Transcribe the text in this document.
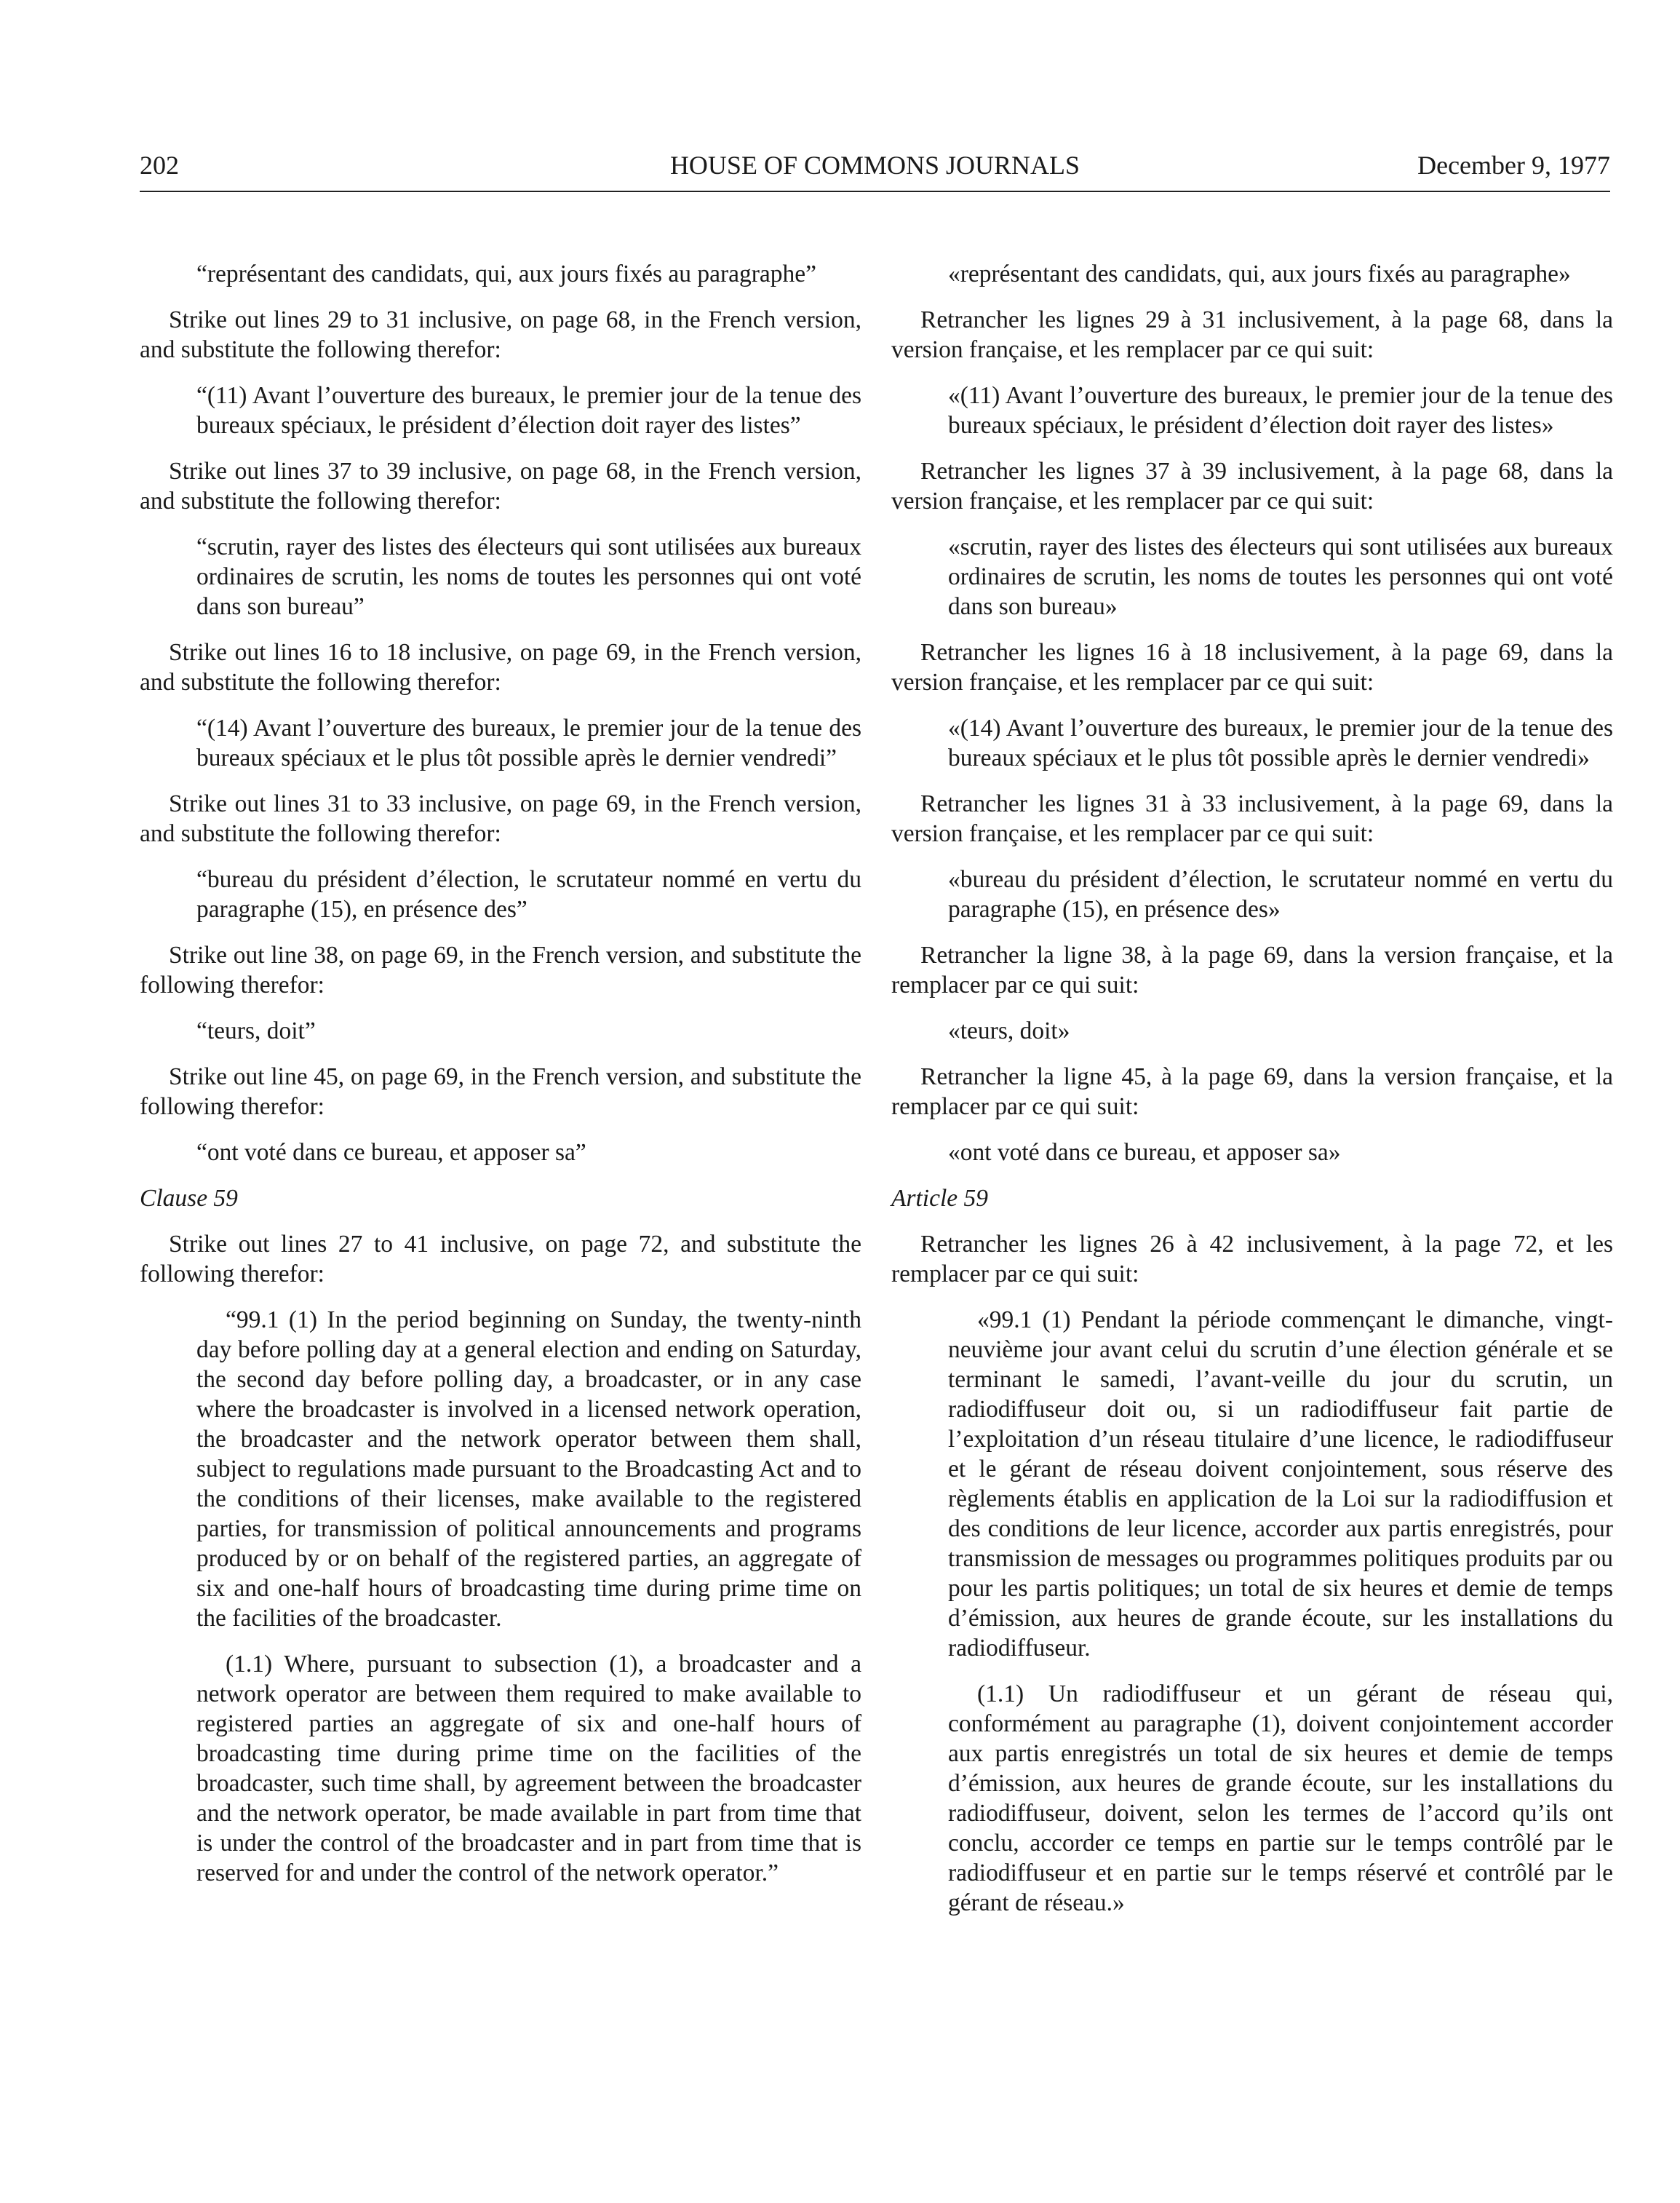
202	HOUSE OF COMMONS JOURNALS	December 9, 1977

“représentant des candidats, qui, aux jours fixés au paragraphe”

Strike out lines 29 to 31 inclusive, on page 68, in the French version, and substitute the following therefor:

“(11) Avant l’ouverture des bureaux, le premier jour de la tenue des bureaux spéciaux, le président d’élection doit rayer des listes”

Strike out lines 37 to 39 inclusive, on page 68, in the French version, and substitute the following therefor:

“scrutin, rayer des listes des électeurs qui sont utilisées aux bureaux ordinaires de scrutin, les noms de toutes les personnes qui ont voté dans son bureau”

Strike out lines 16 to 18 inclusive, on page 69, in the French version, and substitute the following therefor:

“(14) Avant l’ouverture des bureaux, le premier jour de la tenue des bureaux spéciaux et le plus tôt possible après le dernier vendredi”

Strike out lines 31 to 33 inclusive, on page 69, in the French version, and substitute the following therefor:

“bureau du président d’élection, le scrutateur nommé en vertu du paragraphe (15), en présence des”

Strike out line 38, on page 69, in the French version, and substitute the following therefor:

“teurs, doit”

Strike out line 45, on page 69, in the French version, and substitute the following therefor:

“ont voté dans ce bureau, et apposer sa”

Clause 59

Strike out lines 27 to 41 inclusive, on page 72, and substitute the following therefor:

“99.1 (1) In the period beginning on Sunday, the twenty-ninth day before polling day at a general election and ending on Saturday, the second day before polling day, a broadcaster, or in any case where the broadcaster is involved in a licensed network operation, the broadcaster and the network operator between them shall, subject to regulations made pursuant to the Broadcasting Act and to the conditions of their licenses, make available to the registered parties, for transmission of political announcements and programs produced by or on behalf of the registered parties, an aggregate of six and one-half hours of broadcasting time during prime time on the facilities of the broadcaster.

(1.1) Where, pursuant to subsection (1), a broadcaster and a network operator are between them required to make available to registered parties an aggregate of six and one-half hours of broadcasting time during prime time on the facilities of the broadcaster, such time shall, by agreement between the broadcaster and the network operator, be made available in part from time that is under the control of the broadcaster and in part from time that is reserved for and under the control of the network operator.”

«représentant des candidats, qui, aux jours fixés au paragraphe»

Retrancher les lignes 29 à 31 inclusivement, à la page 68, dans la version française, et les remplacer par ce qui suit:

«(11) Avant l’ouverture des bureaux, le premier jour de la tenue des bureaux spéciaux, le président d’élection doit rayer des listes»

Retrancher les lignes 37 à 39 inclusivement, à la page 68, dans la version française, et les remplacer par ce qui suit:

«scrutin, rayer des listes des électeurs qui sont utilisées aux bureaux ordinaires de scrutin, les noms de toutes les personnes qui ont voté dans son bureau»

Retrancher les lignes 16 à 18 inclusivement, à la page 69, dans la version française, et les remplacer par ce qui suit:

«(14) Avant l’ouverture des bureaux, le premier jour de la tenue des bureaux spéciaux et le plus tôt possible après le dernier vendredi»

Retrancher les lignes 31 à 33 inclusivement, à la page 69, dans la version française, et les remplacer par ce qui suit:

«bureau du président d’élection, le scrutateur nommé en vertu du paragraphe (15), en présence des»

Retrancher la ligne 38, à la page 69, dans la version française, et la remplacer par ce qui suit:

«teurs, doit»

Retrancher la ligne 45, à la page 69, dans la version française, et la remplacer par ce qui suit:

«ont voté dans ce bureau, et apposer sa»

Article 59

Retrancher les lignes 26 à 42 inclusivement, à la page 72, et les remplacer par ce qui suit:

«99.1 (1) Pendant la période commençant le dimanche, vingt-neuvième jour avant celui du scrutin d’une élection générale et se terminant le samedi, l’avant-veille du jour du scrutin, un radiodiffuseur doit ou, si un radiodiffuseur fait partie de l’exploitation d’un réseau titulaire d’une licence, le radiodiffuseur et le gérant de réseau doivent conjointement, sous réserve des règlements établis en application de la Loi sur la radiodiffusion et des conditions de leur licence, accorder aux partis enregistrés, pour transmission de messages ou programmes politiques produits par ou pour les partis politiques; un total de six heures et demie de temps d’émission, aux heures de grande écoute, sur les installations du radiodiffuseur.

(1.1) Un radiodiffuseur et un gérant de réseau qui, conformément au paragraphe (1), doivent conjointement accorder aux partis enregistrés un total de six heures et demie de temps d’émission, aux heures de grande écoute, sur les installations du radiodiffuseur, doivent, selon les termes de l’accord qu’ils ont conclu, accorder ce temps en partie sur le temps contrôlé par le radiodiffuseur et en partie sur le temps réservé et contrôlé par le gérant de réseau.»
